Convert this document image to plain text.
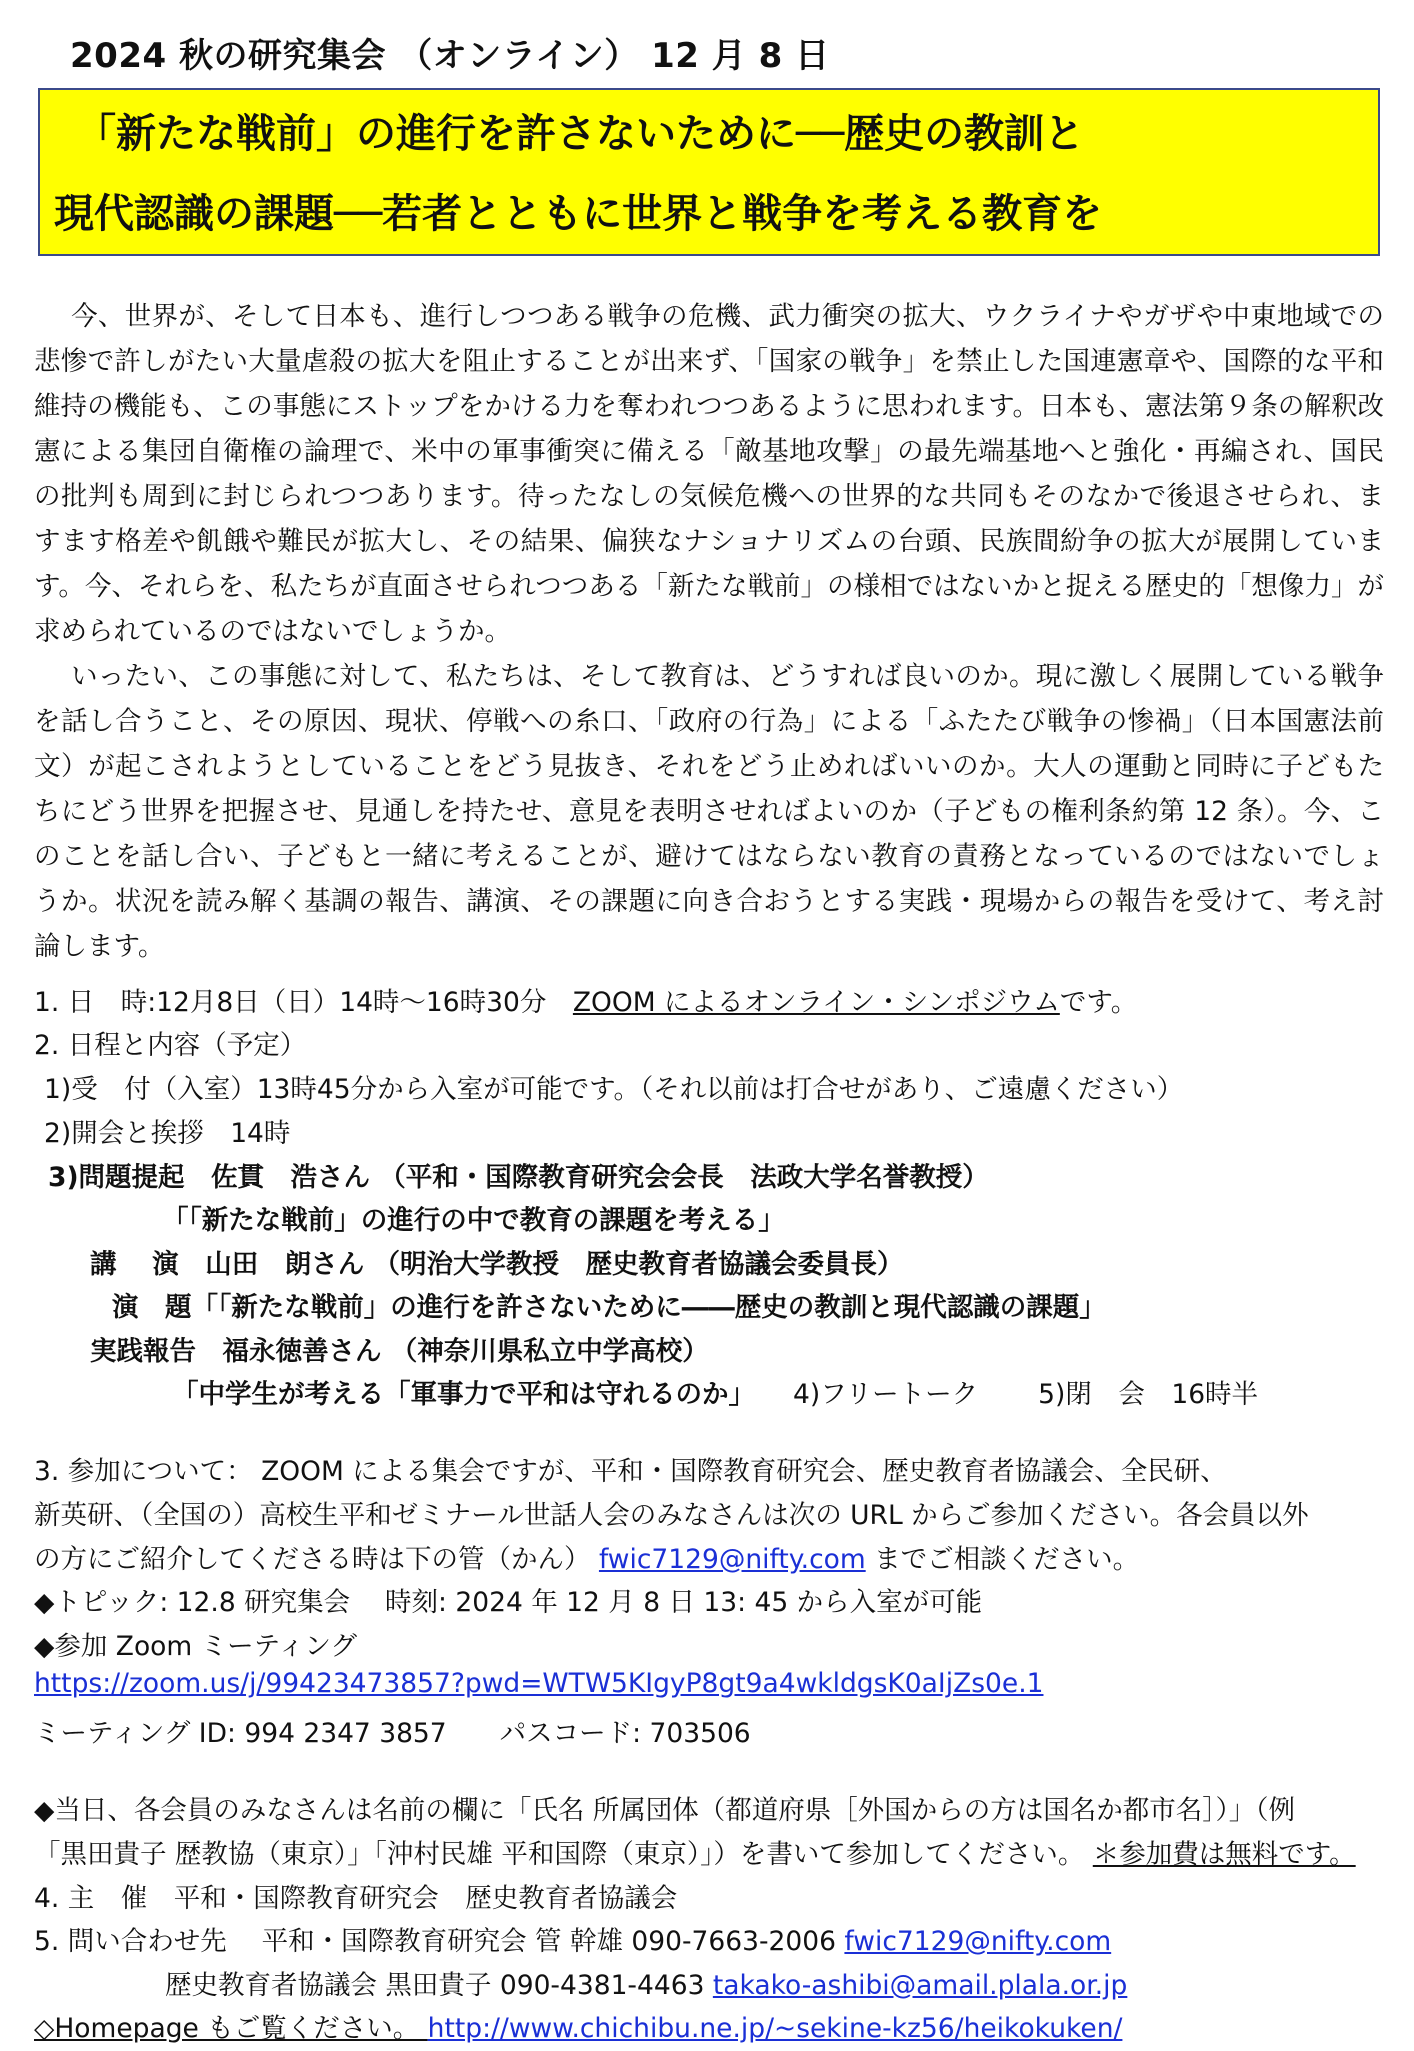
2024 秋の研究集会 （オンライン） 12 月 8 日
「新たな戦前」の進行を許さないために──歴史の教訓と
現代認識の課題──若者とともに世界と戦争を考える教育を

今、世界が、そして日本も、進行しつつある戦争の危機、武力衝突の拡大、ウクライナやガザや中東地域での悲惨で許しがたい大量虐殺の拡大を阻止することが出来ず、「国家の戦争」を禁止した国連憲章や、国際的な平和維持の機能も、この事態にストップをかける力を奪われつつあるように思われます。日本も、憲法第９条の解釈改憲による集団自衛権の論理で、米中の軍事衝突に備える「敵基地攻撃」の最先端基地へと強化・再編され、国民の批判も周到に封じられつつあります。待ったなしの気候危機への世界的な共同もそのなかで後退させられ、ますます格差や飢餓や難民が拡大し、その結果、偏狭なナショナリズムの台頭、民族間紛争の拡大が展開しています。今、それらを、私たちが直面させられつつある「新たな戦前」の様相ではないかと捉える歴史的「想像力」が求められているのではないでしょうか。

いったい、この事態に対して、私たちは、そして教育は、どうすれば良いのか。現に激しく展開している戦争を話し合うこと、その原因、現状、停戦への糸口、「政府の行為」による「ふたたび戦争の惨禍」（日本国憲法前文）が起こされようとしていることをどう見抜き、それをどう止めればいいのか。大人の運動と同時に子どもたちにどう世界を把握させ、見通しを持たせ、意見を表明させればよいのか（子どもの権利条約第 12 条）。今、このことを話し合い、子どもと一緒に考えることが、避けてはならない教育の責務となっているのではないでしょうか。状況を読み解く基調の報告、講演、その課題に向き合おうとする実践・現場からの報告を受けて、考え討論します。

1. 日　時:12月8日（日）14時～16時30分　ZOOM によるオンライン・シンポジウムです。
2. 日程と内容（予定）
1)受　付（入室）13時45分から入室が可能です。（それ以前は打合せがあり、ご遠慮ください）
2)開会と挨拶　14時
3)問題提起　佐貫　浩さん （平和・国際教育研究会会長　法政大学名誉教授）
「「新たな戦前」の進行の中で教育の課題を考える」
講　 演　山田　朗さん （明治大学教授　歴史教育者協議会委員長）
演　題「「新たな戦前」の進行を許さないために――歴史の教訓と現代認識の課題」
実践報告　福永徳善さん （神奈川県私立中学高校）
「中学生が考える「軍事力で平和は守れるのか」 4)フリートーク 5)閉　会　16時半
3. 参加について： ZOOM による集会ですが、平和・国際教育研究会、歴史教育者協議会、全民研、
新英研、（全国の）高校生平和ゼミナール世話人会のみなさんは次の URL からご参加ください。各会員以外
の方にご紹介してくださる時は下の管（かん） fwic7129@nifty.com までご相談ください。
◆トピック: 12.8 研究集会　 時刻: 2024 年 12 月 8 日 13: 45 から入室が可能
◆参加 Zoom ミーティング
https://zoom.us/j/99423473857?pwd=WTW5KIgyP8gt9a4wkldgsK0aIjZs0e.1
ミーティング ID: 994 2347 3857　　パスコード: 703506
◆当日、各会員のみなさんは名前の欄に「氏名 所属団体（都道府県［外国からの方は国名か都市名］）」（例
「黒田貴子 歴教協（東京）」「沖村民雄 平和国際（東京）」）を書いて参加してください。 ＊参加費は無料です。
4. 主　催　平和・国際教育研究会　歴史教育者協議会
5. 問い合わせ先　 平和・国際教育研究会 管 幹雄 090-7663-2006 fwic7129@nifty.com
歴史教育者協議会 黒田貴子 090-4381-4463 takako-ashibi@amail.plala.or.jp
◇Homepage もご覧ください。 http://www.chichibu.ne.jp/~sekine-kz56/heikokuken/
